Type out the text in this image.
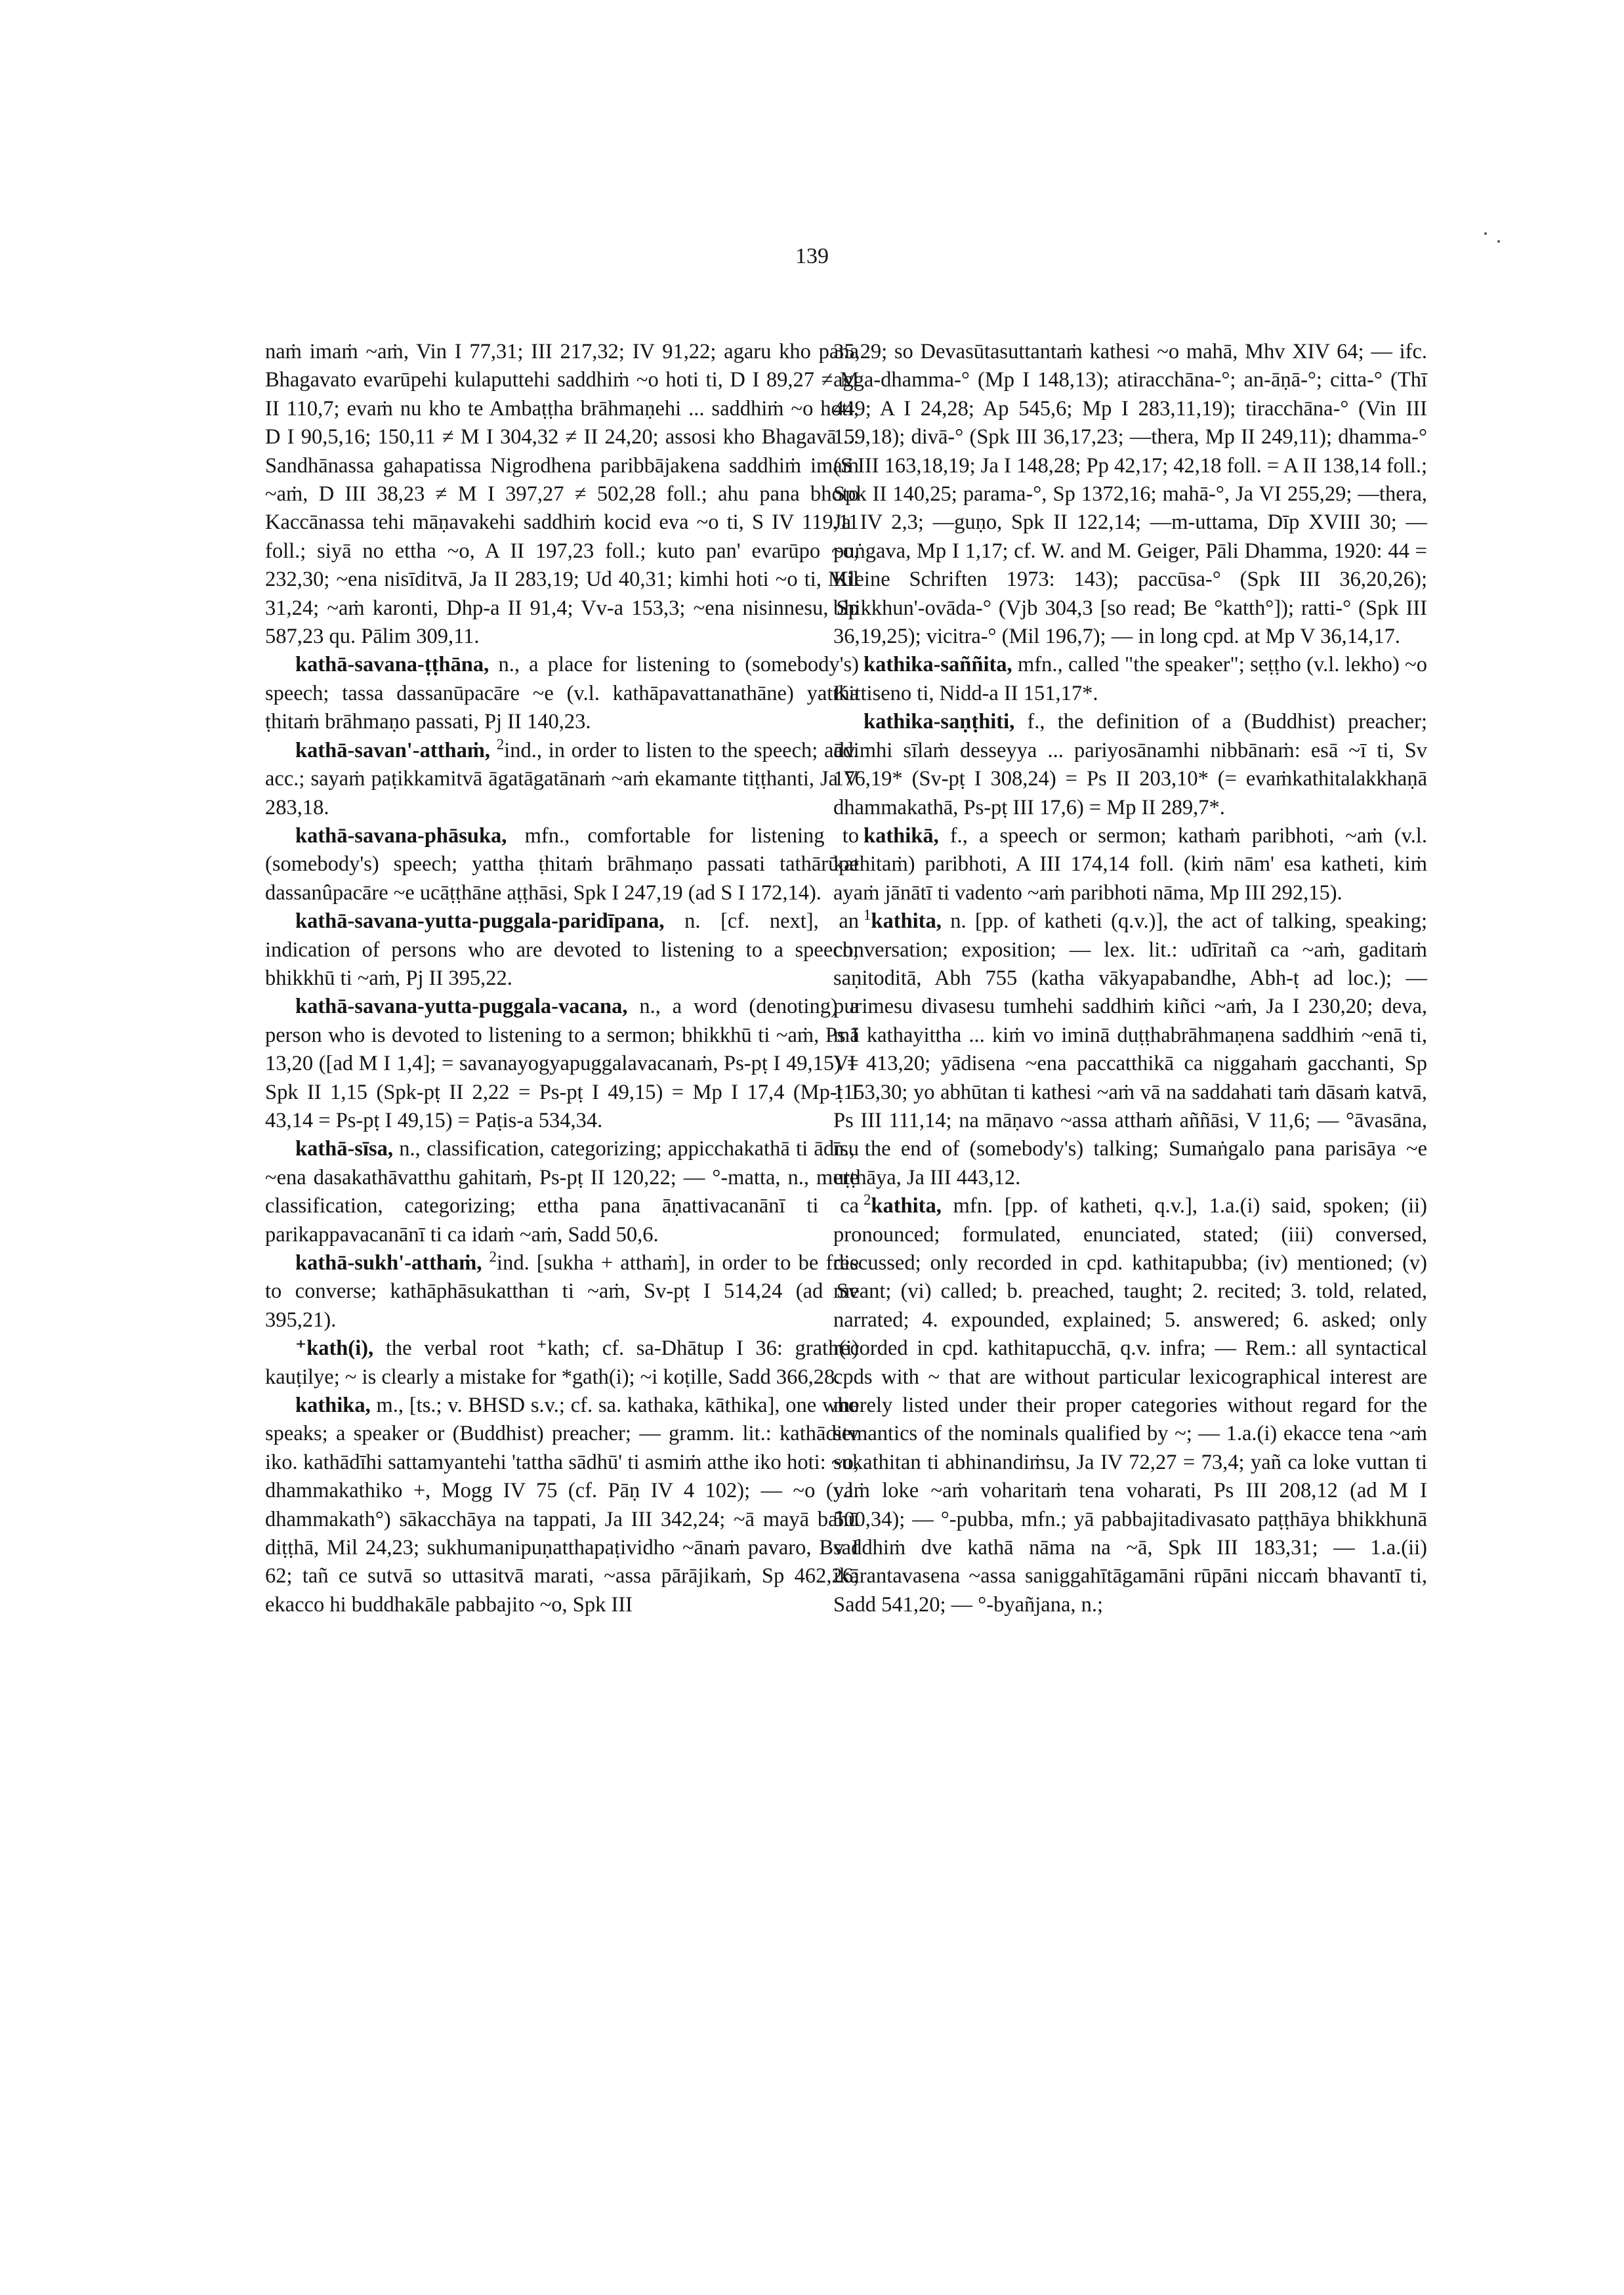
139

naṁ imaṁ ~aṁ, Vin I 77,31; III 217,32; IV 91,22; agaru kho pana Bhagavato evarūpehi kulaputtehi saddhiṁ ~o hoti ti, D I 89,27 ≠ M II 110,7; evaṁ nu kho te Ambaṭṭha brāhmaṇehi ... saddhiṁ ~o hoti, D I 90,5,16; 150,11 ≠ M I 304,32 ≠ II 24,20; assosi kho Bhagavā ... Sandhānassa gahapatissa Nigrodhena paribbājakena saddhiṁ imaṁ ~aṁ, D III 38,23 ≠ M I 397,27 ≠ 502,28 foll.; ahu pana bhoto Kaccānassa tehi māṇavakehi saddhiṁ kocid eva ~o ti, S IV 119,11 foll.; siyā no ettha ~o, A II 197,23 foll.; kuto pan' evarūpo ~o, 232,30; ~ena nisīditvā, Ja II 283,19; Ud 40,31; kimhi hoti ~o ti, Mil 31,24; ~aṁ karonti, Dhp-a II 91,4; Vv-a 153,3; ~ena nisinnesu, Sp 587,23 qu. Pālim 309,11.

kathā-savana-ṭṭhāna, n., a place for listening to (somebody's) speech; tassa dassanūpacāre ~e (v.l. kathāpavattanathāne) yattha ṭhitaṁ brāhmaṇo passati, Pj II 140,23.

kathā-savan'-atthaṁ, $^2$ind., in order to listen to the speech; adv. acc.; sayaṁ paṭikkamitvā āgatāgatānaṁ ~aṁ ekamante tiṭṭhanti, Ja V 283,18.

kathā-savana-phāsuka, mfn., comfortable for listening to (somebody's) speech; yattha ṭhitaṁ brāhmaṇo passati tathārūpe dassanûpacāre ~e ucāṭṭhāne aṭṭhāsi, Spk I 247,19 (ad S I 172,14).

kathā-savana-yutta-puggala-paridīpana, n. [cf. next], an indication of persons who are devoted to listening to a speech; bhikkhū ti ~aṁ, Pj II 395,22.

kathā-savana-yutta-puggala-vacana, n., a word (denoting) a person who is devoted to listening to a sermon; bhikkhū ti ~aṁ, Ps I 13,20 ([ad M I 1,4]; = savanayogyapuggalavacanaṁ, Ps-pṭ I 49,15) = Spk II 1,15 (Spk-pṭ II 2,22 = Ps-pṭ I 49,15) = Mp I 17,4 (Mp-ṭ I 43,14 = Ps-pṭ I 49,15) = Paṭis-a 534,34.

kathā-sīsa, n., classification, categorizing; appicchakathā ti ādīsu ~ena dasakathāvatthu gahitaṁ, Ps-pṭ II 120,22; — °-matta, n., mere classification, categorizing; ettha pana āṇattivacanānī ti ca parikappavacanānī ti ca idaṁ ~aṁ, Sadd 50,6.

kathā-sukh'-atthaṁ, $^2$ind. [sukha + atthaṁ], in order to be free to converse; kathāphāsukatthan ti ~aṁ, Sv-pṭ I 514,24 (ad Sv 395,21).

⁺kath(i), the verbal root ⁺kath; cf. sa-Dhātup I 36: grath(i) kauṭilye; ~ is clearly a mistake for *gath(i); ~i koṭille, Sadd 366,28.

kathika, m., [ts.; v. BHSD s.v.; cf. sa. kathaka, kāthika], one who speaks; a speaker or (Buddhist) preacher; — gramm. lit.: kathāditv iko. kathādīhi sattamyantehi 'tattha sādhū' ti asmiṁ atthe iko hoti: ~o, dhammakathiko +, Mogg IV 75 (cf. Pāṇ IV 4 102); — ~o (v.l. dhammakath°) sākacchāya na tappati, Ja III 342,24; ~ā mayā bahū diṭṭhā, Mil 24,23; sukhumanipuṇatthapaṭividho ~ānaṁ pavaro, Bv I 62; tañ ce sutvā so uttasitvā marati, ~assa pārājikaṁ, Sp 462,26; ekacco hi buddhakāle pabbajito ~o, Spk III

35,29; so Devasūtasuttantaṁ kathesi ~o mahā, Mhv XIV 64; — ifc. agga-dhamma-° (Mp I 148,13); atiracchāna-°; an-āṇā-°; citta-° (Thī 449; A I 24,28; Ap 545,6; Mp I 283,11,19); tiracchāna-° (Vin III 159,18); divā-° (Spk III 36,17,23; —thera, Mp II 249,11); dhamma-° (S III 163,18,19; Ja I 148,28; Pp 42,17; 42,18 foll. = A II 138,14 foll.; Spk II 140,25; parama-°, Sp 1372,16; mahā-°, Ja VI 255,29; —thera, Ja IV 2,3; —guṇo, Spk II 122,14; —m-uttama, Dīp XVIII 30; —puṅgava, Mp I 1,17; cf. W. and M. Geiger, Pāli Dhamma, 1920: 44 = Kleine Schriften 1973: 143); paccūsa-° (Spk III 36,20,26); bhikkhun'-ovāda-° (Vjb 304,3 [so read; Be °katth°]); ratti-° (Spk III 36,19,25); vicitra-° (Mil 196,7); — in long cpd. at Mp V 36,14,17.

kathika-saññita, mfn., called "the speaker"; seṭṭho (v.l. lekho) ~o Kittiseno ti, Nidd-a II 151,17*.

kathika-saṇṭhiti, f., the definition of a (Buddhist) preacher; ādimhi sīlaṁ desseyya ... pariyosānamhi nibbānaṁ: esā ~ī ti, Sv 176,19* (Sv-pṭ I 308,24) = Ps II 203,10* (= evaṁkathitalakkhaṇā dhammakathā, Ps-pṭ III 17,6) = Mp II 289,7*.

kathikā, f., a speech or sermon; kathaṁ paribhoti, ~aṁ (v.l. kathitaṁ) paribhoti, A III 174,14 foll. (kiṁ nām' esa katheti, kiṁ ayaṁ jānātī ti vadento ~aṁ paribhoti nāma, Mp III 292,15).

$^1$kathita, n. [pp. of katheti (q.v.)], the act of talking, speaking; conversation; exposition; — lex. lit.: udīritañ ca ~aṁ, gaditaṁ saṇitoditā, Abh 755 (katha vākyapabandhe, Abh-ṭ ad loc.); — purimesu divasesu tumhehi saddhiṁ kiñci ~aṁ, Ja I 230,20; deva, mā kathayittha ... kiṁ vo iminā duṭṭhabrāhmaṇena saddhiṁ ~enā ti, VI 413,20; yādisena ~ena paccatthikā ca niggahaṁ gacchanti, Sp 1153,30; yo abhūtan ti kathesi ~aṁ vā na saddahati taṁ dāsaṁ katvā, Ps III 111,14; na māṇavo ~assa atthaṁ aññāsi, V 11,6; — °āvasāna, n., the end of (somebody's) talking; Sumaṅgalo pana parisāya ~e uṭṭhāya, Ja III 443,12.

$^2$kathita, mfn. [pp. of katheti, q.v.], 1.a.(i) said, spoken; (ii) pronounced; formulated, enunciated, stated; (iii) conversed, discussed; only recorded in cpd. kathitapubba; (iv) mentioned; (v) meant; (vi) called; b. preached, taught; 2. recited; 3. told, related, narrated; 4. expounded, explained; 5. answered; 6. asked; only recorded in cpd. kathitapucchā, q.v. infra; — Rem.: all syntactical cpds with ~ that are without particular lexicographical interest are merely listed under their proper categories without regard for the semantics of the nominals qualified by ~; — 1.a.(i) ekacce tena ~aṁ sukathitan ti abhinandiṁsu, Ja IV 72,27 = 73,4; yañ ca loke vuttan ti yaṁ loke ~aṁ voharitaṁ tena voharati, Ps III 208,12 (ad M I 500,34); — °-pubba, mfn.; yā pabbajitadivasato paṭṭhāya bhikkhunā saddhiṁ dve kathā nāma na ~ā, Spk III 183,31; — 1.a.(ii) ikārantavasena ~assa saniggahītāgamāni rūpāni niccaṁ bhavantī ti, Sadd 541,20; — °-byañjana, n.;
